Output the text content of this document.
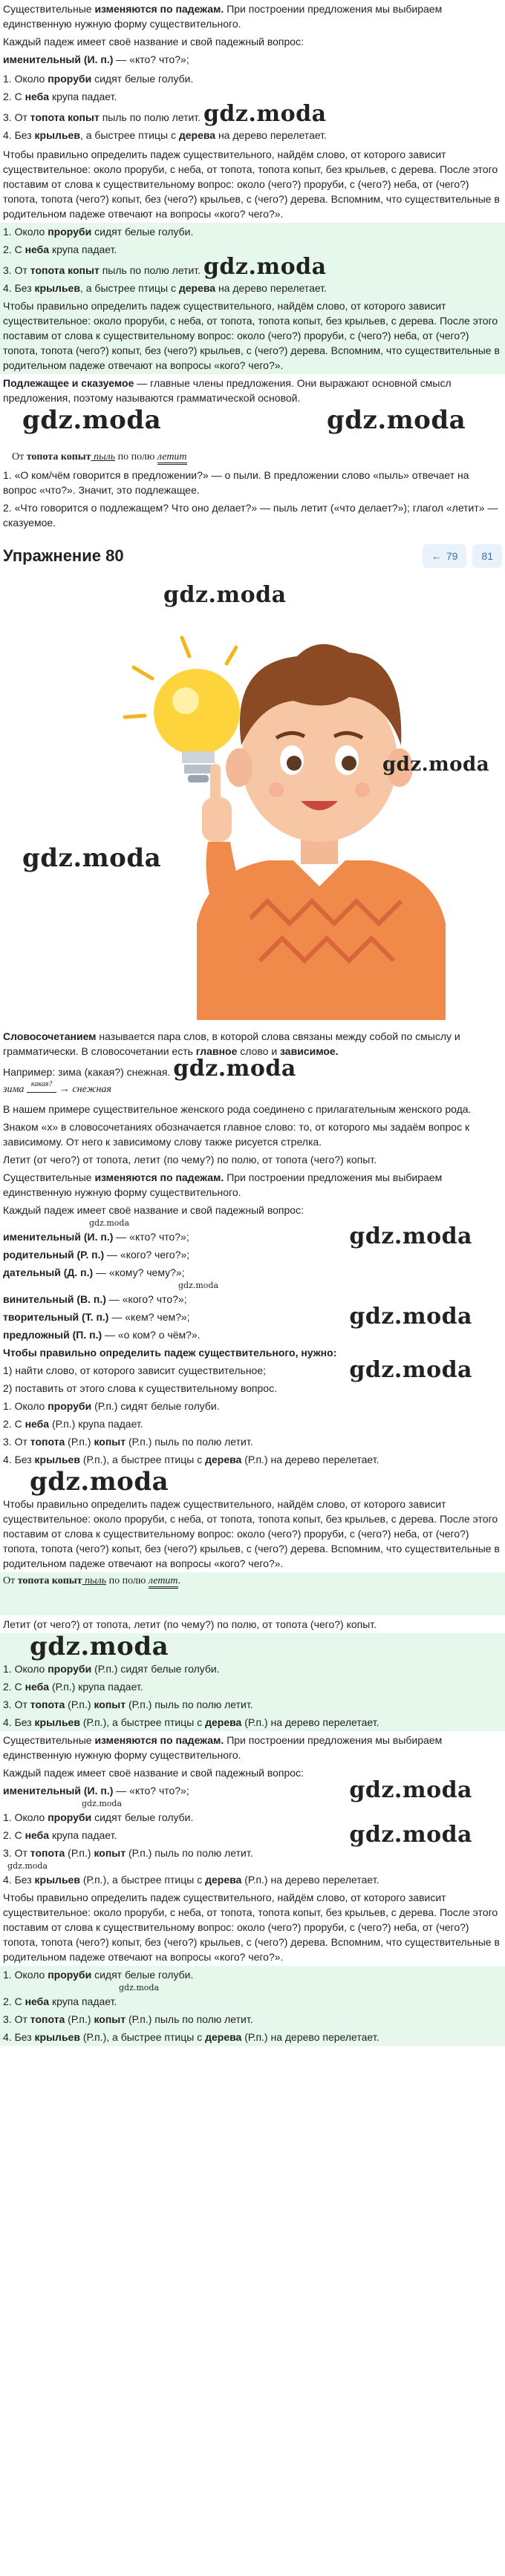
Существительные изменяются по падежам. При построении предложения мы выбираем единственную нужную форму существительного.

Каждый падеж имеет своё название и свой падежный вопрос:

именительный (И. п.) — «кто? что?»;

1. Около проруби сидят белые голуби.

2. С неба крупа падает.

3. От топота копыт пыль по полю летит. gdz.moda

4. Без крыльев, а быстрее птицы с дерева на дерево перелетает.

Чтобы правильно определить падеж существительного, найдём слово, от которого зависит существительное: около проруби, с неба, от топота, топота копыт, без крыльев, с дерева. После этого поставим от слова к существительному вопрос: около (чего?) проруби, с (чего?) неба, от (чего?) топота, топота (чего?) копыт, без (чего?) крыльев, с (чего?) дерева. Вспомним, что существительные в родительном падеже отвечают на вопросы «кого? чего?».

1. Около проруби сидят белые голуби.

2. С неба крупа падает.

3. От топота копыт пыль по полю летит. gdz.moda

4. Без крыльев, а быстрее птицы с дерева на дерево перелетает.

Чтобы правильно определить падеж существительного, найдём слово, от которого зависит существительное: около проруби, с неба, от топота, топота копыт, без крыльев, с дерева. После этого поставим от слова к существительному вопрос: около (чего?) проруби, с (чего?) неба, от (чего?) топота, топота (чего?) копыт, без (чего?) крыльев, с (чего?) дерева. Вспомним, что существительные в родительном падеже отвечают на вопросы «кого? чего?».

Подлежащее и сказуемое — главные члены предложения. Они выражают основной смысл предложения, поэтому называются грамматической основой.

gdz.moda	gdz.moda

От топота копыт пыль по полю летит

1. «О ком/чём говорится в предложении?» — о пыли. В предложении слово «пыль» отвечает на вопрос «что?». Значит, это подлежащее.

2. «Что говорится о подлежащем? Что оно делает?» — пыль летит («что делает?»); глагол «летит» — сказуемое.

Упражнение 80	← 79 81
gdz.moda
gdz.moda
gdz.moda

Словосочетанием называется пара слов, в которой слова связаны между собой по смыслу и грамматически. В словосочетании есть главное слово и зависимое.

Например: зима (какая?) снежная. gdz.moda

зима какая? → снежная

В нашем примере существительное женского рода соединено с прилагательным женского рода.

Знаком «x» в словосочетаниях обозначается главное слово: то, от которого мы задаём вопрос к зависимому. От него к зависимому слову также рисуется стрелка.

Летит (от чего?) от топота, летит (по чему?) по полю, от топота (чего?) копыт.

Существительные изменяются по падежам. При построении предложения мы выбираем единственную нужную форму существительного.

Каждый падеж имеет своё название и свой падежный вопрос:

gdz.moda

именительный (И. п.) — «кто? что?»;	gdz.moda

родительный (Р. п.) — «кого? чего?»;

дательный (Д. п.) — «кому? чему?»;

gdz.moda

винительный (В. п.) — «кого? что?»;

творительный (Т. п.) — «кем? чем?»;	gdz.moda

предложный (П. п.) — «о ком? о чём?».

Чтобы правильно определить падеж существительного, нужно:

1) найти слово, от которого зависит существительное;	gdz.moda

2) поставить от этого слова к существительному вопрос.

1. Около проруби (Р.п.) сидят белые голуби.

2. С неба (Р.п.) крупа падает.

3. От топота (Р.п.) копыт (Р.п.) пыль по полю летит.

4. Без крыльев (Р.п.), а быстрее птицы с дерева (Р.п.) на дерево перелетает.

gdz.moda

Чтобы правильно определить падеж существительного, найдём слово, от которого зависит существительное: около проруби, с неба, от топота, топота копыт, без крыльев, с дерева. После этого поставим от слова к существительному вопрос: около (чего?) проруби, с (чего?) неба, от (чего?) топота, топота (чего?) копыт, без (чего?) крыльев, с (чего?) дерева. Вспомним, что существительные в родительном падеже отвечают на вопросы «кого? чего?».

От топота копыт пыль по полю летит.

Летит (от чего?) от топота, летит (по чему?) по полю, от топота (чего?) копыт.

gdz.moda

1. Около проруби (Р.п.) сидят белые голуби.

2. С неба (Р.п.) крупа падает.

3. От топота (Р.п.) копыт (Р.п.) пыль по полю летит.

4. Без крыльев (Р.п.), а быстрее птицы с дерева (Р.п.) на дерево перелетает.

Существительные изменяются по падежам. При построении предложения мы выбираем единственную нужную форму существительного.

Каждый падеж имеет своё название и свой падежный вопрос:

именительный (И. п.) — «кто? что?»;	gdz.moda

gdz.moda

1. Около проруби сидят белые голуби.

2. С неба крупа падает.	gdz.moda

3. От топота (Р.п.) копыт (Р.п.) пыль по полю летит.

gdz.moda

4. Без крыльев (Р.п.), а быстрее птицы с дерева (Р.п.) на дерево перелетает.

Чтобы правильно определить падеж существительного, найдём слово, от которого зависит существительное: около проруби, с неба, от топота, топота копыт, без крыльев, с дерева. После этого поставим от слова к существительному вопрос: около (чего?) проруби, с (чего?) неба, от (чего?) топота, топота (чего?) копыт, без (чего?) крыльев, с (чего?) дерева. Вспомним, что существительные в родительном падеже отвечают на вопросы «кого? чего?».

1. Около проруби сидят белые голуби.

gdz.moda

2. С неба крупа падает.

3. От топота (Р.п.) копыт (Р.п.) пыль по полю летит.

4. Без крыльев (Р.п.), а быстрее птицы с дерева (Р.п.) на дерево перелетает.
